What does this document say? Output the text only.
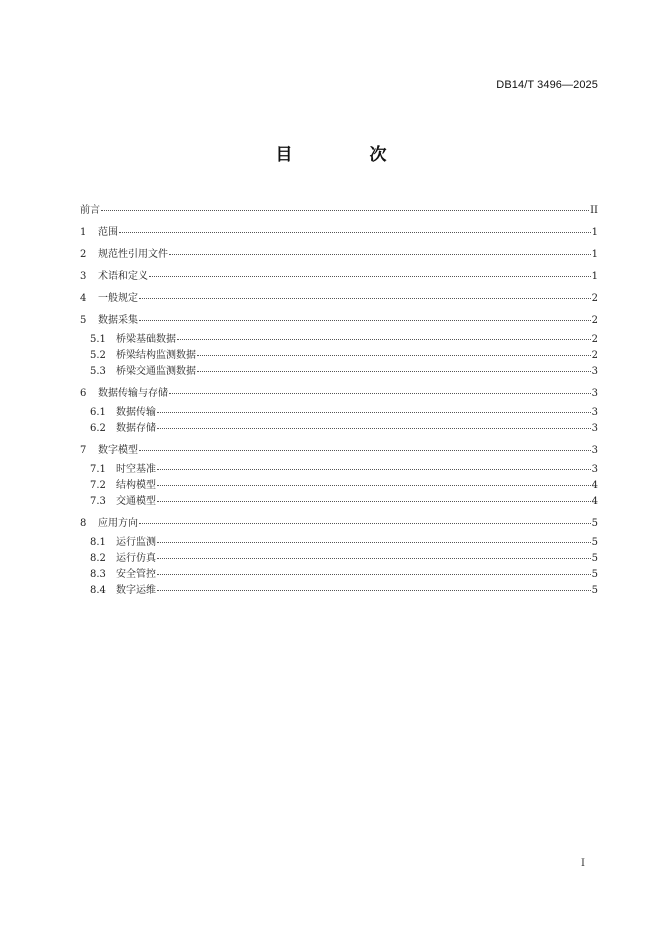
DB14/T 3496—2025
目　次
前言	II
1	范围	1
2	规范性引用文件	1
3	术语和定义	1
4	一般规定	2
5	数据采集	2
5.1	桥梁基础数据	2
5.2	桥梁结构监测数据	2
5.3	桥梁交通监测数据	3
6	数据传输与存储	3
6.1	数据传输	3
6.2	数据存储	3
7	数字模型	3
7.1	时空基准	3
7.2	结构模型	4
7.3	交通模型	4
8	应用方向	5
8.1	运行监测	5
8.2	运行仿真	5
8.3	安全管控	5
8.4	数字运维	5
I
